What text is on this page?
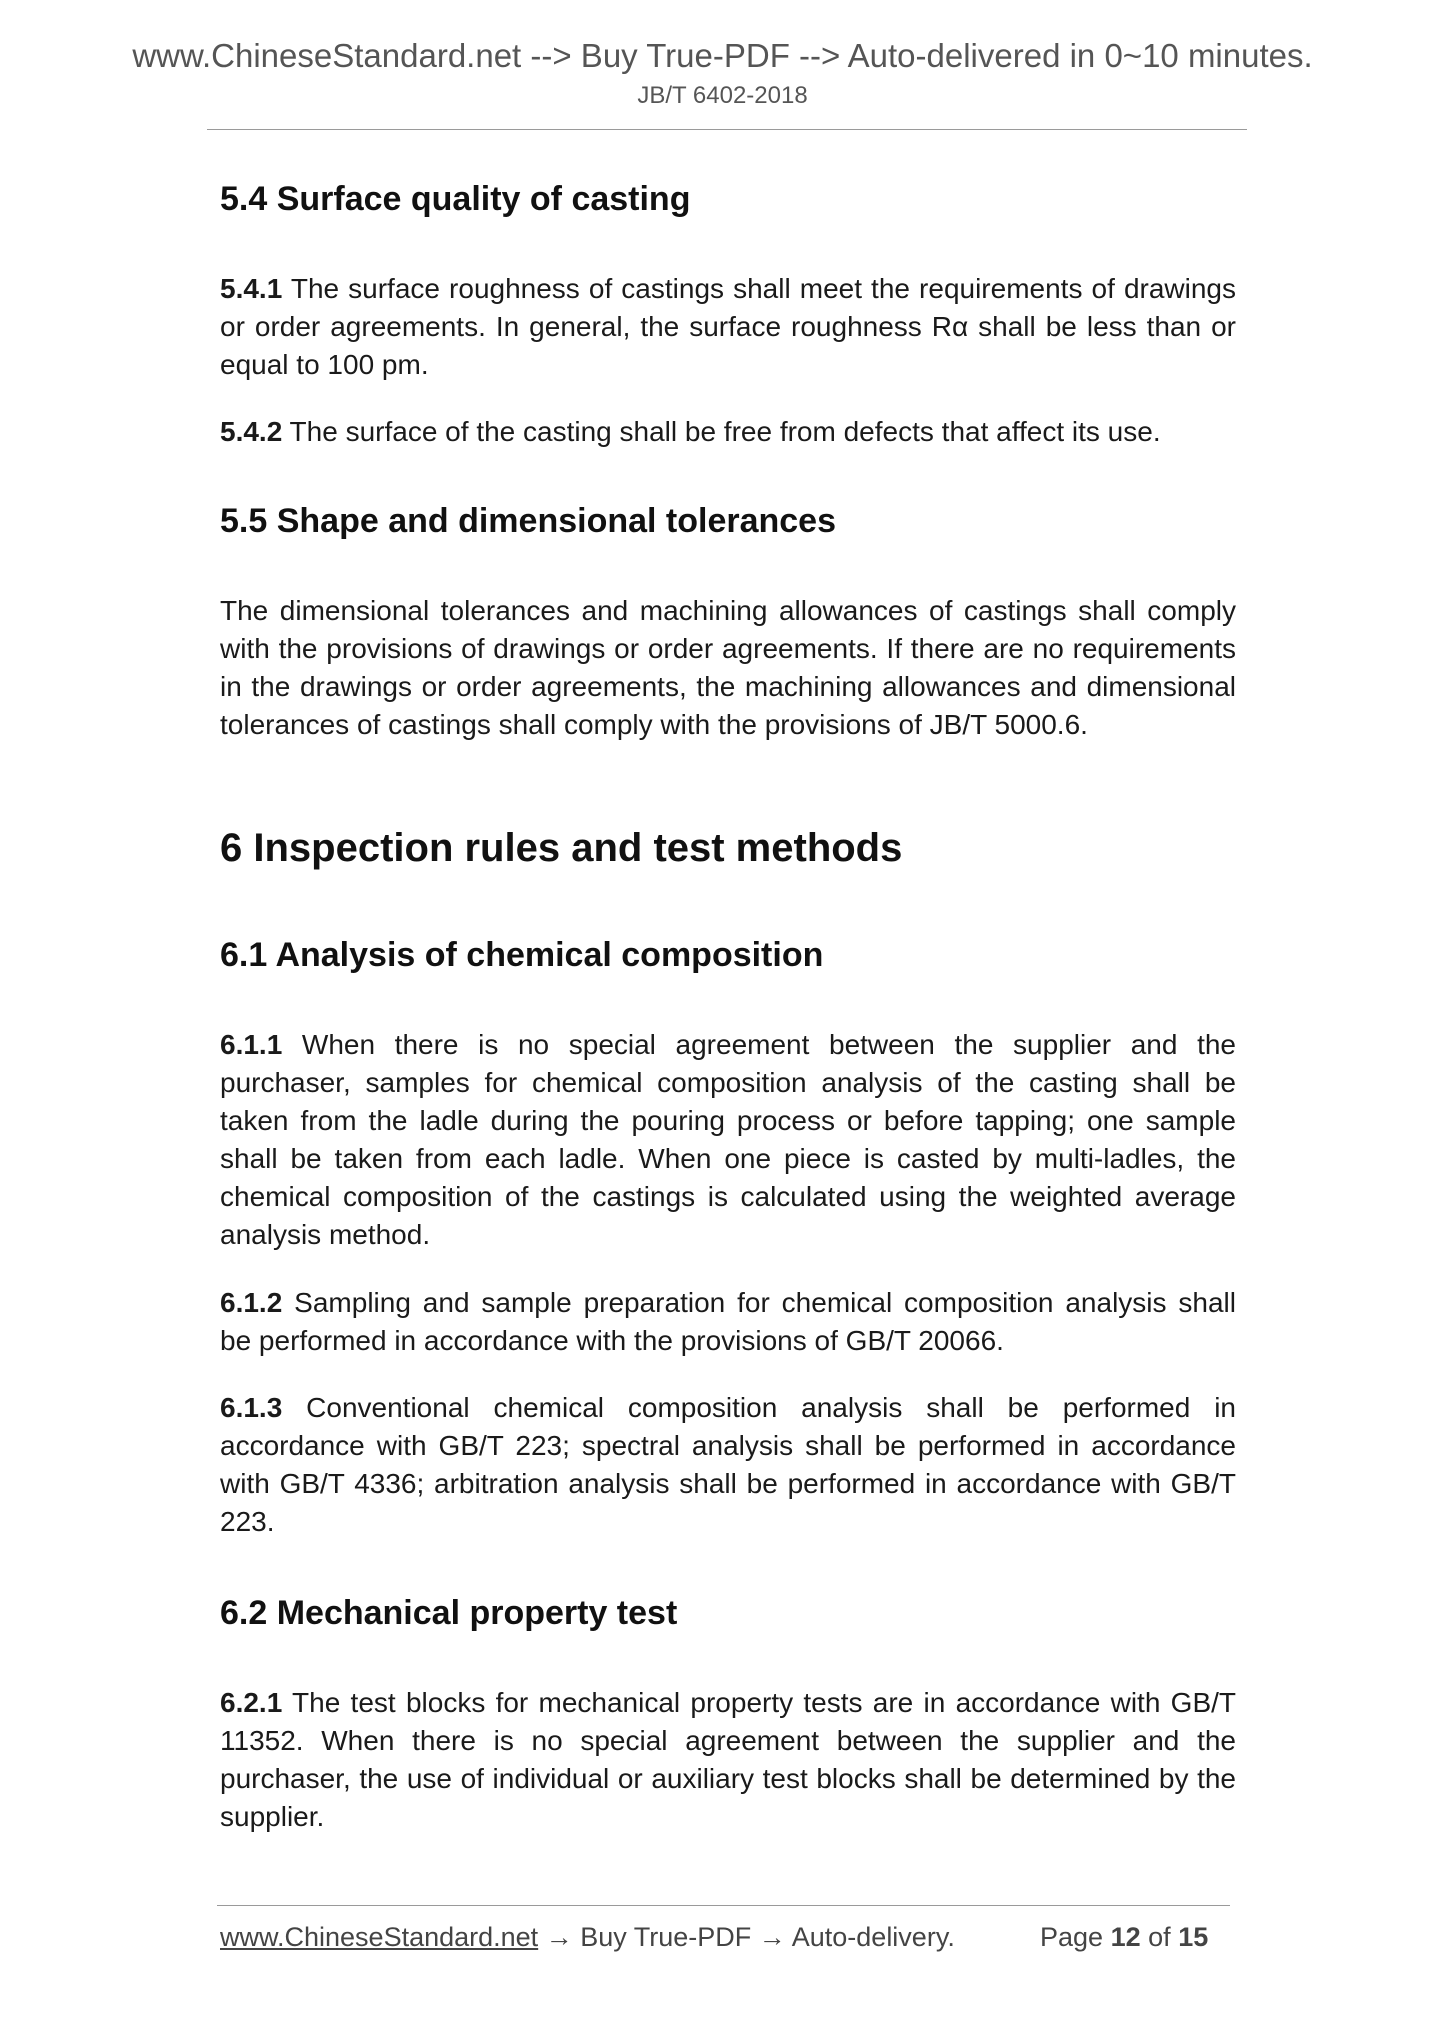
www.ChineseStandard.net --> Buy True-PDF --> Auto-delivered in 0~10 minutes.
JB/T 6402-2018
5.4 Surface quality of casting
5.4.1 The surface roughness of castings shall meet the requirements of drawings or order agreements. In general, the surface roughness Rα shall be less than or equal to 100 pm.
5.4.2 The surface of the casting shall be free from defects that affect its use.
5.5 Shape and dimensional tolerances
The dimensional tolerances and machining allowances of castings shall comply with the provisions of drawings or order agreements. If there are no requirements in the drawings or order agreements, the machining allowances and dimensional tolerances of castings shall comply with the provisions of JB/T 5000.6.
6 Inspection rules and test methods
6.1 Analysis of chemical composition
6.1.1 When there is no special agreement between the supplier and the purchaser, samples for chemical composition analysis of the casting shall be taken from the ladle during the pouring process or before tapping; one sample shall be taken from each ladle. When one piece is casted by multi-ladles, the chemical composition of the castings is calculated using the weighted average analysis method.
6.1.2 Sampling and sample preparation for chemical composition analysis shall be performed in accordance with the provisions of GB/T 20066.
6.1.3 Conventional chemical composition analysis shall be performed in accordance with GB/T 223; spectral analysis shall be performed in accordance with GB/T 4336; arbitration analysis shall be performed in accordance with GB/T 223.
6.2 Mechanical property test
6.2.1 The test blocks for mechanical property tests are in accordance with GB/T 11352. When there is no special agreement between the supplier and the purchaser, the use of individual or auxiliary test blocks shall be determined by the supplier.
www.ChineseStandard.net → Buy True-PDF → Auto-delivery.	Page 12 of 15
